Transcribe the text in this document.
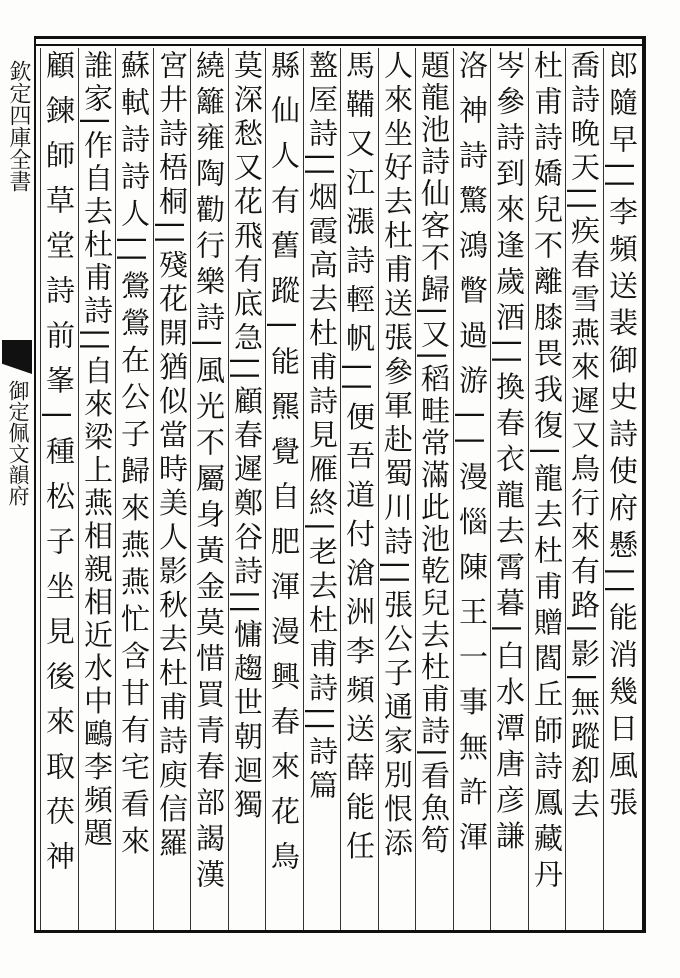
欽定四庫全書
御定佩文韻府	郎隨早||李頻送裴御史詩使府懸||能消幾日風張
喬詩晚天||疾春雪燕來遲又鳥行來有路|影|無蹤㕁去
杜甫詩嬌兒不離膝畏我復|龍去杜甫贈閻丘師詩鳳藏丹
岑參詩到來逢歲酒||換春衣龍去霄暮|白水潭唐彦謙
洛神詩驚鴻瞥過游||漫惱陳王一事無許渾
題龍池詩仙客不歸|又|稻畦常滿此池乾兒去杜甫詩|看魚笱
人來坐好去杜甫送張參軍赴蜀川詩||張公子通家別恨添
馬鞴又江漲詩輕帆||便吾道付滄洲李頻送薛能任
盩厔詩||烟霞高去杜甫詩見雁終|老去杜甫詩||詩篇
縣仙人有舊蹤|能羆覺自肥渾漫興春來花鳥
莫深愁又花飛有底急||顧春遲鄭谷詩||慵趨世朝迴獨
繞籬雍陶勸行樂詩|風光不屬身黃金莫惜買青春部謁漢
宮井詩梧桐||殘花開猶似當時美人影秋去杜甫詩庾信羅
蘇軾詩詩人||鶯鶯在公子歸來燕燕忙含甘有宅看來
誰家|作自去杜甫詩||自來梁上燕相親相近水中鷗李頻題
顧鍊師草堂詩前峯|種松子坐見後來取茯神
